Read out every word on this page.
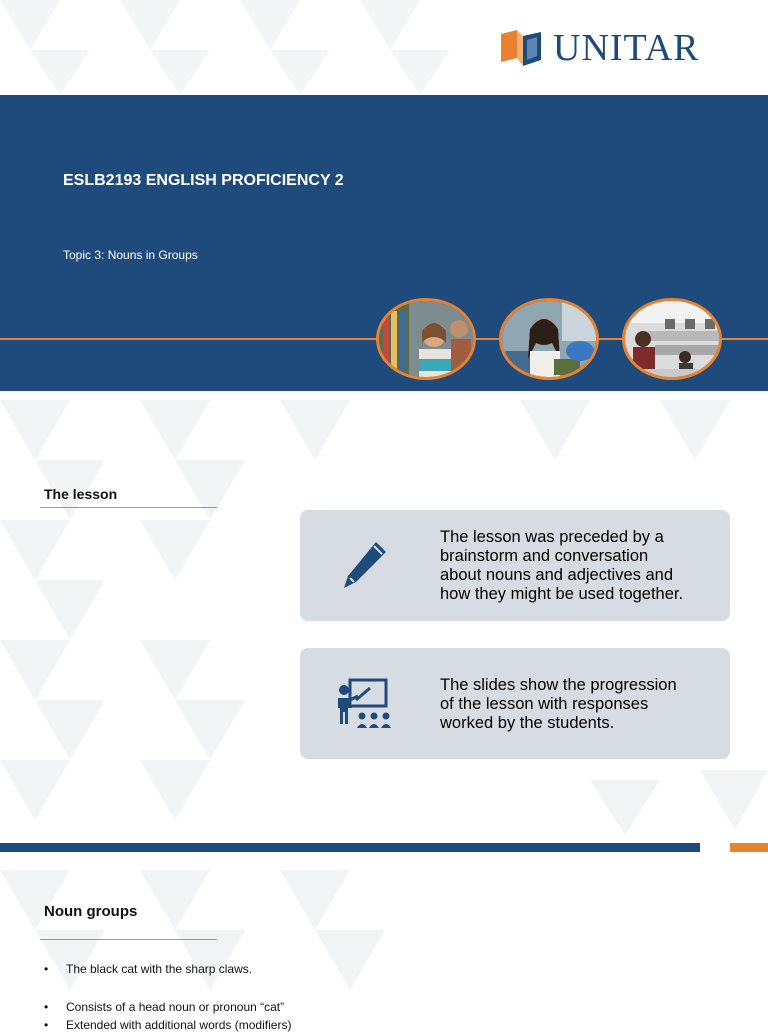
UNITAR
ESLB2193 ENGLISH PROFICIENCY 2
Topic 3: Nouns in Groups
The lesson
The lesson was preceded by a
brainstorm and conversation
about nouns and adjectives and
how they might be used together.
The slides show the progression
of the lesson with responses
worked by the students.
Noun groups
• The black cat with the sharp claws.
• Consists of a head noun or pronoun “cat”
• Extended with additional words (modifiers)
